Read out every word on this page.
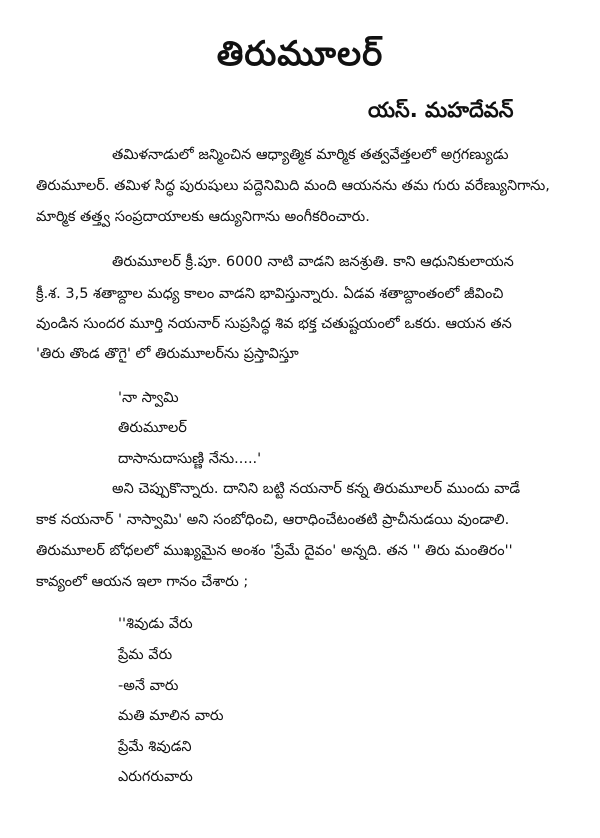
తిరుమూలర్
యస్. మహదేవన్
తమిళనాడులో జన్మించిన ఆధ్యాత్మిక మార్మిక తత్వవేత్తలలో అగ్రగణ్యుడు
తిరుమూలర్. తమిళ సిద్ధ పురుషులు పద్దెనిమిది మంది ఆయనను తమ గురు వరేణ్యునిగాను,
మార్మిక తత్త్వ సంప్రదాయాలకు ఆద్యునిగాను అంగీకరించారు.
తిరుమూలర్ క్రీ.పూ. 6000 నాటి వాడని జనశ్రుతి. కాని ఆధునికులాయన
క్రీ.శ. 3,5 శతాబ్దాల మధ్య కాలం వాడని భావిస్తున్నారు. ఏడవ శతాబ్దాంతంలో జీవించి
వుండిన సుందర మూర్తి నయనార్ సుప్రసిద్ధ శివ భక్త చతుష్టయంలో ఒకరు. ఆయన తన
'తిరు తొండ తొగై' లో తిరుమూలర్‌ను ప్రస్తావిస్తూ
'నా స్వామి
తిరుమూలర్
దాసానుదాసుణ్ణి నేను.....'
అని చెప్పుకొన్నారు. దానిని బట్టి నయనార్ కన్న తిరుమూలర్ ముందు వాడే
కాక నయనార్ ' నాస్వామి' అని సంబోధించి, ఆరాధించేటంతటి ప్రాచీనుడయి వుండాలి.
తిరుమూలర్ బోధలలో ముఖ్యమైన అంశం 'ప్రేమే దైవం' అన్నది. తన '' తిరు మంతిరం''
కావ్యంలో ఆయన ఇలా గానం చేశారు ;
''శివుడు వేరు
ప్రేమ వేరు
-అనే వారు
మతి మాలిన వారు
ప్రేమే శివుడని
ఎరుగరువారు
